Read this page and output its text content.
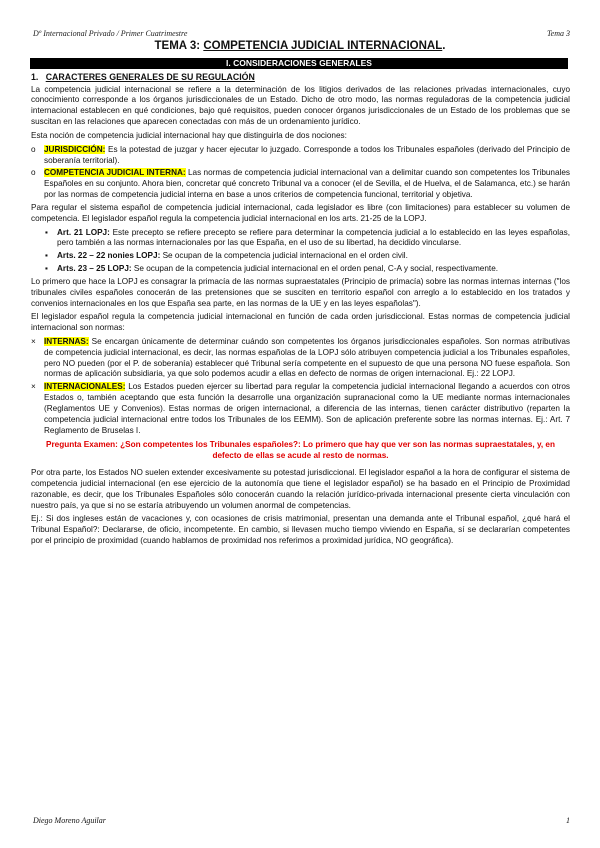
Dº Internacional Privado / Primer Cuatrimestre	Tema 3
TEMA 3: COMPETENCIA JUDICIAL INTERNACIONAL.
I. CONSIDERACIONES GENERALES
1. CARACTERES GENERALES DE SU REGULACIÓN

La competencia judicial internacional se refiere a la determinación de los litigios derivados de las relaciones privadas internacionales, cuyo conocimiento corresponde a los órganos jurisdiccionales de un Estado. Dicho de otro modo, las normas reguladoras de la competencia judicial internacional establecen en qué condiciones, bajo qué requisitos, pueden conocer órganos jurisdiccionales de un Estado de los problemas que se suscitan en las relaciones que aparecen conectadas con más de un ordenamiento jurídico.

Esta noción de competencia judicial internacional hay que distinguirla de dos nociones:

o JURISDICCIÓN: Es la potestad de juzgar y hacer ejecutar lo juzgado. Corresponde a todos los Tribunales españoles (derivado del Principio de soberanía territorial).
o COMPETENCIA JUDICIAL INTERNA: Las normas de competencia judicial internacional van a delimitar cuando son competentes los Tribunales Españoles en su conjunto. Ahora bien, concretar qué concreto Tribunal va a conocer (el de Sevilla, el de Huelva, el de Salamanca, etc.) se harán por las normas de competencia judicial interna en base a unos criterios de competencia funcional, territorial y objetiva.

Para regular el sistema español de competencia judicial internacional, cada legislador es libre (con limitaciones) para establecer su volumen de competencia. El legislador español regula la competencia judicial internacional en los arts. 21-25 de la LOPJ.

▪ Art. 21 LOPJ: Este precepto se refiere precepto se refiere para determinar la competencia judicial a lo establecido en las leyes españolas, pero también a las normas internacionales por las que España, en el uso de su libertad, ha decidido vincularse.
▪ Arts. 22 – 22 nonies LOPJ: Se ocupan de la competencia judicial internacional en el orden civil.
▪ Arts. 23 – 25 LOPJ: Se ocupan de la competencia judicial internacional en el orden penal, C-A y social, respectivamente.

Lo primero que hace la LOPJ es consagrar la primacía de las normas supraestatales (Principio de primacía) sobre las normas internas internas ("los tribunales civiles españoles conocerán de las pretensiones que se susciten en territorio español con arreglo a lo establecido en los tratados y convenios internacionales en los que España sea parte, en las normas de la UE y en las leyes españolas").

El legislador español regula la competencia judicial internacional en función de cada orden jurisdiccional. Estas normas de competencia judicial internacional son normas:

× INTERNAS: Se encargan únicamente de determinar cuándo son competentes los órganos jurisdiccionales españoles. Son normas atributivas de competencia judicial internacional, es decir, las normas españolas de la LOPJ sólo atribuyen competencia judicial a los Tribunales españoles, pero NO pueden (por el P. de soberanía) establecer qué Tribunal sería competente en el supuesto de que una persona NO fuese española. Son normas de aplicación subsidiaria, ya que solo podemos acudir a ellas en defecto de normas de origen internacional. Ej.: 22 LOPJ.
× INTERNACIONALES: Los Estados pueden ejercer su libertad para regular la competencia judicial internacional llegando a acuerdos con otros Estados o, también aceptando que esta función la desarrolle una organización supranacional como la UE mediante normas internacionales (Reglamentos UE y Convenios). Estas normas de origen internacional, a diferencia de las internas, tienen carácter distributivo (reparten la competencia judicial internacional entre todos los Tribunales de los EEMM). Son de aplicación preferente sobre las normas internas. Ej.: Art. 7 Reglamento de Bruselas I.

Pregunta Examen: ¿Son competentes los Tribunales españoles?: Lo primero que hay que ver son las normas supraestatales, y, en defecto de ellas se acude al resto de normas.

Por otra parte, los Estados NO suelen extender excesivamente su potestad jurisdiccional. El legislador español a la hora de configurar el sistema de competencia judicial internacional (en ese ejercicio de la autonomía que tiene el legislador español) se ha basado en el Principio de Proximidad razonable, es decir, que los Tribunales Españoles sólo conocerán cuando la relación jurídico-privada internacional presente cierta vinculación con nuestro país, ya que si no se estaría atribuyendo un volumen anormal de competencias.

Ej.: Si dos ingleses están de vacaciones y, con ocasiones de crisis matrimonial, presentan una demanda ante el Tribunal español, ¿qué hará el Tribunal Español?: Declararse, de oficio, incompetente. En cambio, si llevasen mucho tiempo viviendo en España, sí se declararían competentes por el principio de proximidad (cuando hablamos de proximidad nos referimos a proximidad jurídica, NO geográfica).

Diego Moreno Aguilar	1
